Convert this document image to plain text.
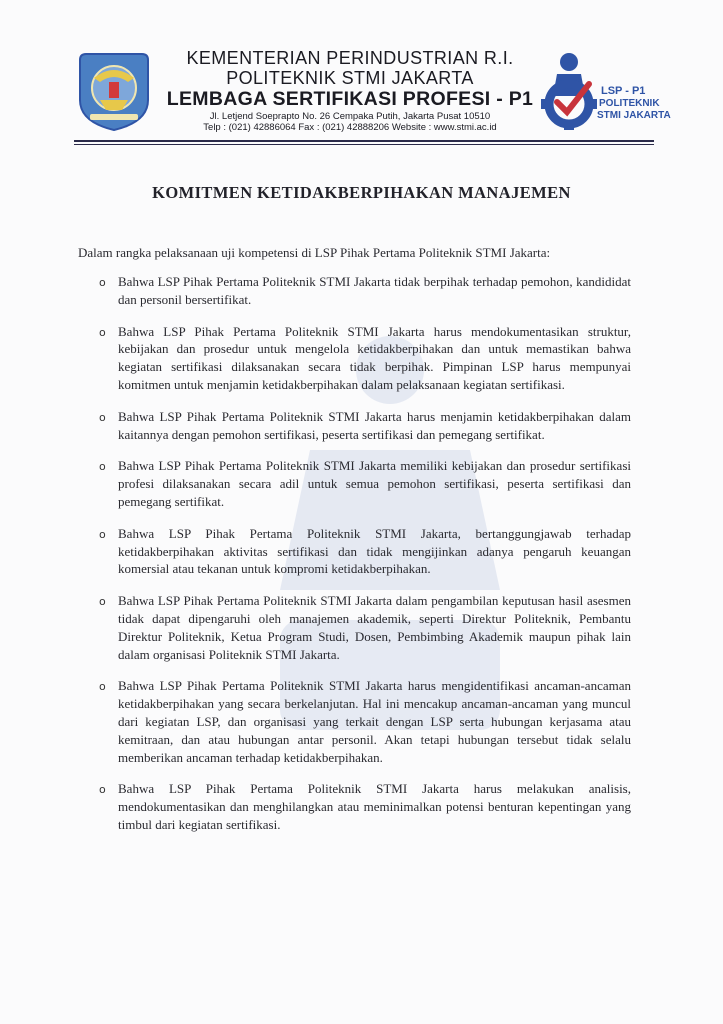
KEMENTERIAN PERINDUSTRIAN R.I.
POLITEKNIK STMI JAKARTA
LEMBAGA SERTIFIKASI PROFESI - P1
Jl. Letjend Soeprapto No. 26 Cempaka Putih, Jakarta Pusat 10510
Telp : (021) 42886064 Fax : (021) 42888206 Website : www.stmi.ac.id
LSP - P1
POLITEKNIK
STMI JAKARTA
KOMITMEN KETIDAKBERPIHAKAN MANAJEMEN
Dalam rangka pelaksanaan uji kompetensi di LSP Pihak Pertama Politeknik STMI Jakarta:
o Bahwa LSP Pihak Pertama Politeknik STMI Jakarta tidak berpihak terhadap pemohon, kandididat dan personil bersertifikat.
o Bahwa LSP Pihak Pertama Politeknik STMI Jakarta harus mendokumentasikan struktur, kebijakan dan prosedur untuk mengelola ketidakberpihakan dan untuk memastikan bahwa kegiatan sertifikasi dilaksanakan secara tidak berpihak. Pimpinan LSP harus mempunyai komitmen untuk menjamin ketidakberpihakan dalam pelaksanaan kegiatan sertifikasi.
o Bahwa LSP Pihak Pertama Politeknik STMI Jakarta harus menjamin ketidakberpihakan dalam kaitannya dengan pemohon sertifikasi, peserta sertifikasi dan pemegang sertifikat.
o Bahwa LSP Pihak Pertama Politeknik STMI Jakarta memiliki kebijakan dan prosedur sertifikasi profesi dilaksanakan secara adil untuk semua pemohon sertifikasi, peserta sertifikasi dan pemegang sertifikat.
o Bahwa LSP Pihak Pertama Politeknik STMI Jakarta, bertanggungjawab terhadap ketidakberpihakan aktivitas sertifikasi dan tidak mengijinkan adanya pengaruh keuangan komersial atau tekanan untuk kompromi ketidakberpihakan.
o Bahwa LSP Pihak Pertama Politeknik STMI Jakarta dalam pengambilan keputusan hasil asesmen tidak dapat dipengaruhi oleh manajemen akademik, seperti Direktur Politeknik, Pembantu Direktur Politeknik, Ketua Program Studi, Dosen, Pembimbing Akademik maupun pihak lain dalam organisasi Politeknik STMI Jakarta.
o Bahwa LSP Pihak Pertama Politeknik STMI Jakarta harus mengidentifikasi ancaman-ancaman ketidakberpihakan yang secara berkelanjutan. Hal ini mencakup ancaman-ancaman yang muncul dari kegiatan LSP, dan organisasi yang terkait dengan LSP serta hubungan kerjasama atau kemitraan, dan atau hubungan antar personil. Akan tetapi hubungan tersebut tidak selalu memberikan ancaman terhadap ketidakberpihakan.
o Bahwa LSP Pihak Pertama Politeknik STMI Jakarta harus melakukan analisis, mendokumentasikan dan menghilangkan atau meminimalkan potensi benturan kepentingan yang timbul dari kegiatan sertifikasi.
